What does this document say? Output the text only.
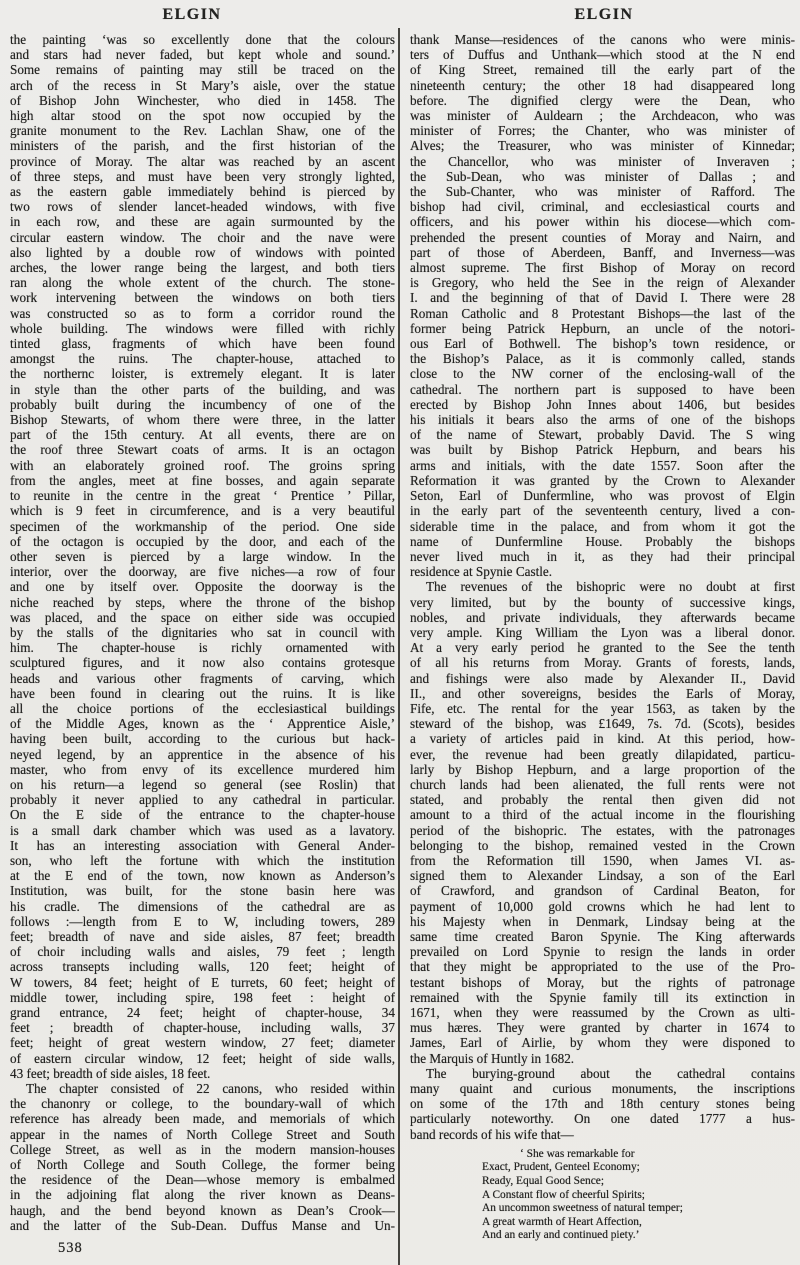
ELGIN	ELGIN
the painting ‘was so excellently done that the colours
and stars had never faded, but kept whole and sound.’
Some remains of painting may still be traced on the
arch of the recess in St Mary’s aisle, over the statue
of Bishop John Winchester, who died in 1458. The
high altar stood on the spot now occupied by the
granite monument to the Rev. Lachlan Shaw, one of the
ministers of the parish, and the first historian of the
province of Moray. The altar was reached by an ascent
of three steps, and must have been very strongly lighted,
as the eastern gable immediately behind is pierced by
two rows of slender lancet-headed windows, with five
in each row, and these are again surmounted by the
circular eastern window. The choir and the nave were
also lighted by a double row of windows with pointed
arches, the lower range being the largest, and both tiers
ran along the whole extent of the church. The stone-
work intervening between the windows on both tiers
was constructed so as to form a corridor round the
whole building. The windows were filled with richly
tinted glass, fragments of which have been found
amongst the ruins. The chapter-house, attached to
the northernc loister, is extremely elegant. It is later
in style than the other parts of the building, and was
probably built during the incumbency of one of the
Bishop Stewarts, of whom there were three, in the latter
part of the 15th century. At all events, there are on
the roof three Stewart coats of arms. It is an octagon
with an elaborately groined roof. The groins spring
from the angles, meet at fine bosses, and again separate
to reunite in the centre in the great ‘ Prentice ’ Pillar,
which is 9 feet in circumference, and is a very beautiful
specimen of the workmanship of the period. One side
of the octagon is occupied by the door, and each of the
other seven is pierced by a large window. In the
interior, over the doorway, are five niches—a row of four
and one by itself over. Opposite the doorway is the
niche reached by steps, where the throne of the bishop
was placed, and the space on either side was occupied
by the stalls of the dignitaries who sat in council with
him. The chapter-house is richly ornamented with
sculptured figures, and it now also contains grotesque
heads and various other fragments of carving, which
have been found in clearing out the ruins. It is like
all the choice portions of the ecclesiastical buildings
of the Middle Ages, known as the ‘ Apprentice Aisle,’
having been built, according to the curious but hack-
neyed legend, by an apprentice in the absence of his
master, who from envy of its excellence murdered him
on his return—a legend so general (see Roslin) that
probably it never applied to any cathedral in particular.
On the E side of the entrance to the chapter-house
is a small dark chamber which was used as a lavatory.
It has an interesting association with General Ander-
son, who left the fortune with which the institution
at the E end of the town, now known as Anderson’s
Institution, was built, for the stone basin here was
his cradle. The dimensions of the cathedral are as
follows :—length from E to W, including towers, 289
feet; breadth of nave and side aisles, 87 feet; breadth
of choir including walls and aisles, 79 feet ; length
across transepts including walls, 120 feet; height of
W towers, 84 feet; height of E turrets, 60 feet; height of
middle tower, including spire, 198 feet : height of
grand entrance, 24 feet; height of chapter-house, 34
feet ; breadth of chapter-house, including walls, 37
feet; height of great western window, 27 feet; diameter
of eastern circular window, 12 feet; height of side walls,
43 feet; breadth of side aisles, 18 feet.
The chapter consisted of 22 canons, who resided within
the chanonry or college, to the boundary-wall of which
reference has already been made, and memorials of which
appear in the names of North College Street and South
College Street, as well as in the modern mansion-houses
of North College and South College, the former being
the residence of the Dean—whose memory is embalmed
in the adjoining flat along the river known as Deans-
haugh, and the bend beyond known as Dean’s Crook—
and the latter of the Sub-Dean. Duffus Manse and Un-
thank Manse—residences of the canons who were minis-
ters of Duffus and Unthank—which stood at the N end
of King Street, remained till the early part of the
nineteenth century; the other 18 had disappeared long
before. The dignified clergy were the Dean, who
was minister of Auldearn ; the Archdeacon, who was
minister of Forres; the Chanter, who was minister of
Alves; the Treasurer, who was minister of Kinnedar;
the Chancellor, who was minister of Inveraven ;
the Sub-Dean, who was minister of Dallas ; and
the Sub-Chanter, who was minister of Rafford. The
bishop had civil, criminal, and ecclesiastical courts and
officers, and his power within his diocese—which com-
prehended the present counties of Moray and Nairn, and
part of those of Aberdeen, Banff, and Inverness—was
almost supreme. The first Bishop of Moray on record
is Gregory, who held the See in the reign of Alexander
I. and the beginning of that of David I. There were 28
Roman Catholic and 8 Protestant Bishops—the last of the
former being Patrick Hepburn, an uncle of the notori-
ous Earl of Bothwell. The bishop’s town residence, or
the Bishop’s Palace, as it is commonly called, stands
close to the NW corner of the enclosing-wall of the
cathedral. The northern part is supposed to have been
erected by Bishop John Innes about 1406, but besides
his initials it bears also the arms of one of the bishops
of the name of Stewart, probably David. The S wing
was built by Bishop Patrick Hepburn, and bears his
arms and initials, with the date 1557. Soon after the
Reformation it was granted by the Crown to Alexander
Seton, Earl of Dunfermline, who was provost of Elgin
in the early part of the seventeenth century, lived a con-
siderable time in the palace, and from whom it got the
name of Dunfermline House. Probably the bishops
never lived much in it, as they had their principal
residence at Spynie Castle.
The revenues of the bishopric were no doubt at first
very limited, but by the bounty of successive kings,
nobles, and private individuals, they afterwards became
very ample. King William the Lyon was a liberal donor.
At a very early period he granted to the See the tenth
of all his returns from Moray. Grants of forests, lands,
and fishings were also made by Alexander II., David
II., and other sovereigns, besides the Earls of Moray,
Fife, etc. The rental for the year 1563, as taken by the
steward of the bishop, was £1649, 7s. 7d. (Scots), besides
a variety of articles paid in kind. At this period, how-
ever, the revenue had been greatly dilapidated, particu-
larly by Bishop Hepburn, and a large proportion of the
church lands had been alienated, the full rents were not
stated, and probably the rental then given did not
amount to a third of the actual income in the flourishing
period of the bishopric. The estates, with the patronages
belonging to the bishop, remained vested in the Crown
from the Reformation till 1590, when James VI. as-
signed them to Alexander Lindsay, a son of the Earl
of Crawford, and grandson of Cardinal Beaton, for
payment of 10,000 gold crowns which he had lent to
his Majesty when in Denmark, Lindsay being at the
same time created Baron Spynie. The King afterwards
prevailed on Lord Spynie to resign the lands in order
that they might be appropriated to the use of the Pro-
testant bishops of Moray, but the rights of patronage
remained with the Spynie family till its extinction in
1671, when they were reassumed by the Crown as ulti-
mus hæres. They were granted by charter in 1674 to
James, Earl of Airlie, by whom they were disponed to
the Marquis of Huntly in 1682.
The burying-ground about the cathedral contains
many quaint and curious monuments, the inscriptions
on some of the 17th and 18th century stones being
particularly noteworthy. On one dated 1777 a hus-
band records of his wife that—
‘ She was remarkable for
Exact, Prudent, Genteel Economy;
Ready, Equal Good Sence;
A Constant flow of cheerful Spirits;
An uncommon sweetness of natural temper;
A great warmth of Heart Affection,
And an early and continued piety.’
538
